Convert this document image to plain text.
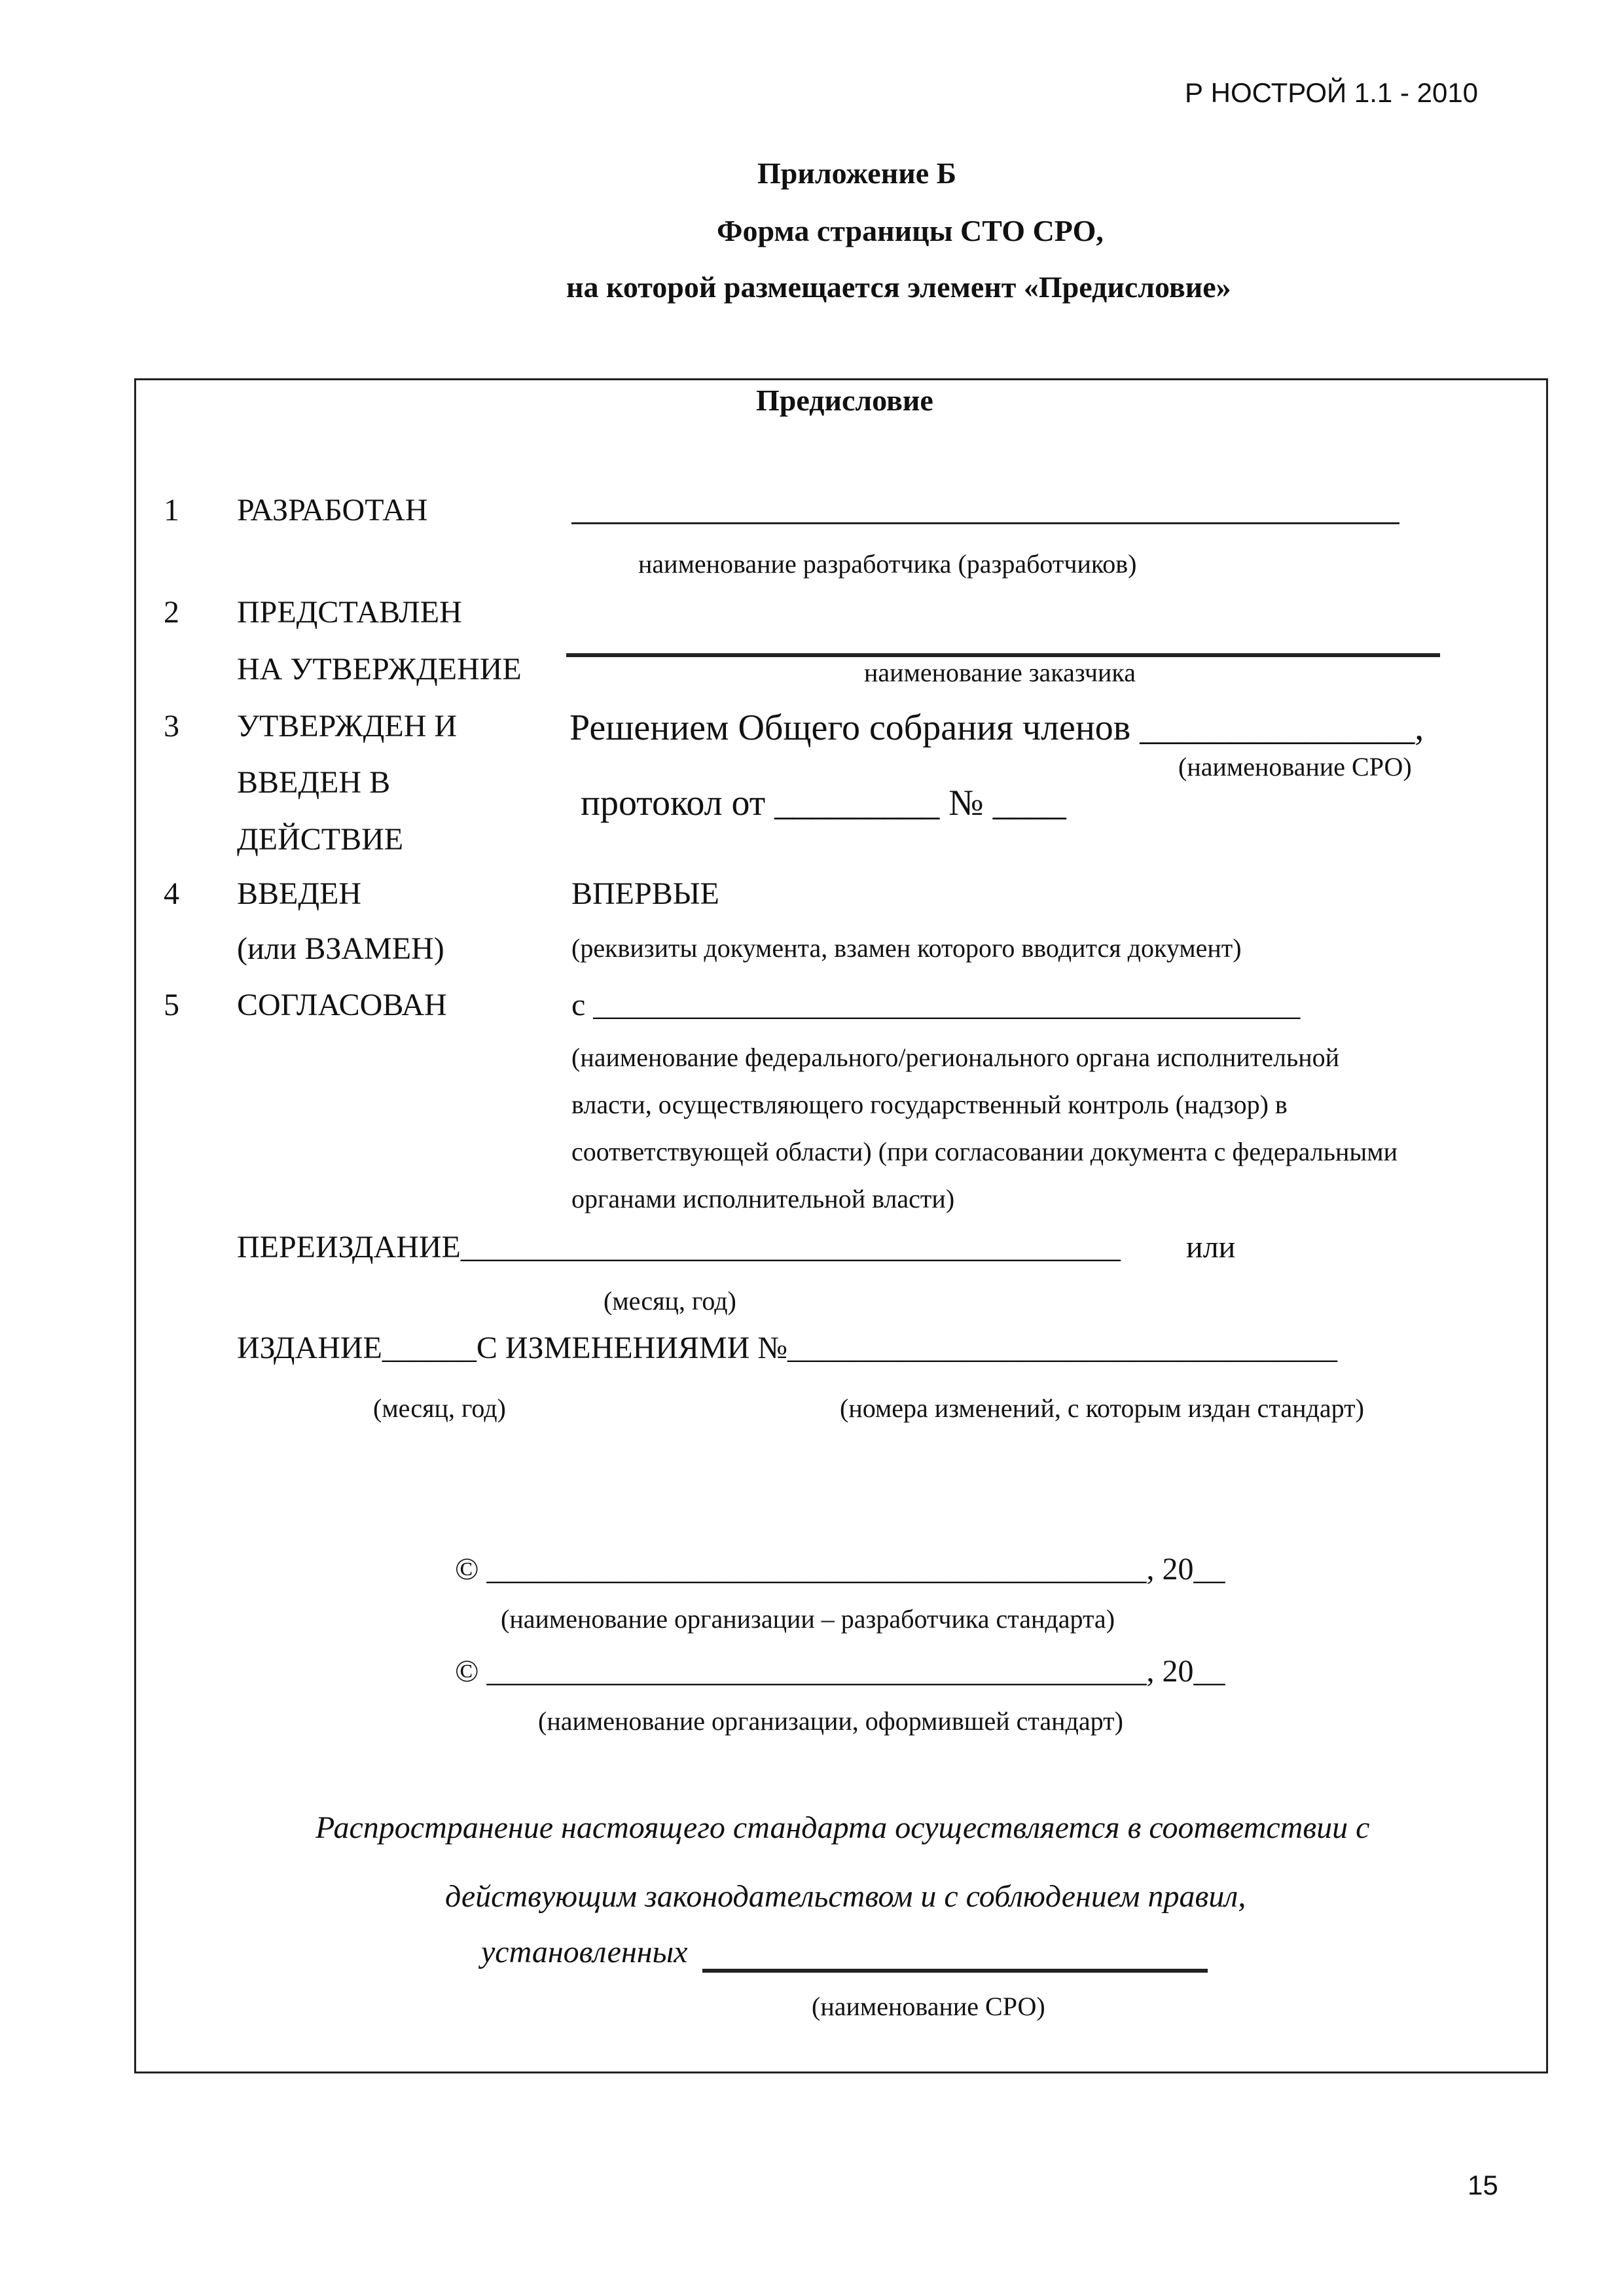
Р НОСТРОЙ 1.1 - 2010
Приложение Б
Форма страницы СТО СРО,
на которой размещается элемент «Предисловие»
Предисловие
1 РАЗРАБОТАН
наименование разработчика (разработчиков)
2 ПРЕДСТАВЛЕН
НА УТВЕРЖДЕНИЕ	наименование заказчика
3 УТВЕРЖДЕН И
ВВЕДЕН В
ДЕЙСТВИЕ
Решением Общего собрания членов _______________,
(наименование СРО)
протокол от _________ № ____
4 ВВЕДЕН
(или ВЗАМЕН)
ВПЕРВЫЕ
(реквизиты документа, взамен которого вводится документ)
5 СОГЛАСОВАН	с _____________________________________________
(наименование федерального/регионального органа исполнительной
власти, осуществляющего государственный контроль (надзор) в
соответствующей области) (при согласовании документа с федеральными
органами исполнительной власти)
ПЕРЕИЗДАНИЕ__________________________________________ или
(месяц, год)
ИЗДАНИЕ______С ИЗМЕНЕНИЯМИ №___________________________________
(месяц, год)	(номера изменений, с которым издан стандарт)
© __________________________________________, 20__
(наименование организации – разработчика стандарта)
© __________________________________________, 20__
(наименование организации, оформившей стандарт)
Распространение настоящего стандарта осуществляется в соответствии с
действующим законодательством и с соблюдением правил,
установленных
(наименование СРО)
15
